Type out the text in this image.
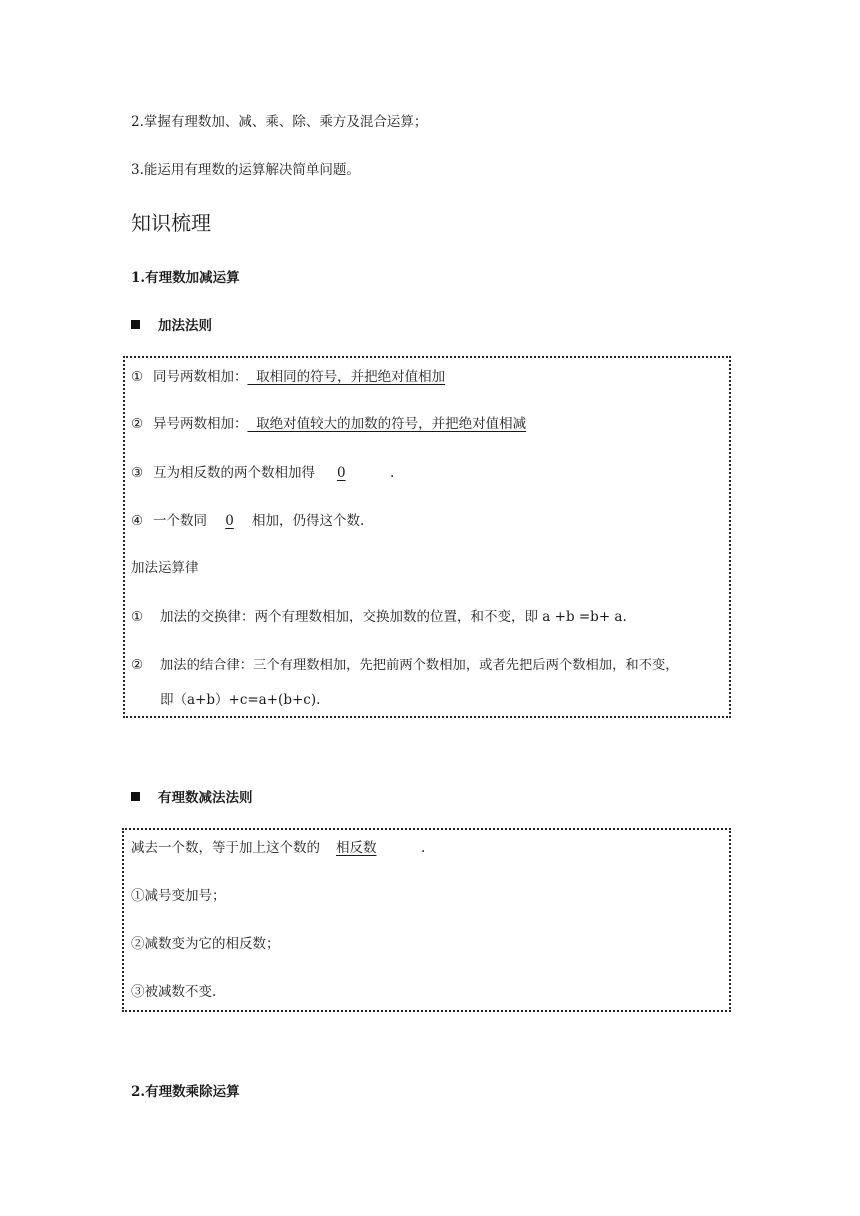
2.掌握有理数加、减、乘、除、乘方及混合运算；
3.能运用有理数的运算解决简单问题。
知识梳理
1.有理数加减运算
加法法则
① 同号两数相加：  取相同的符号，并把绝对值相加
② 异号两数相加：  取绝对值较大的加数的符号，并把绝对值相减
③ 互为相反数的两个数相加得 0	.
④ 一个数同 0 相加，仍得这个数.
加法运算律
① 加法的交换律：两个有理数相加，交换加数的位置，和不变，即 a +b =b+ a.
② 加法的结合律：三个有理数相加，先把前两个数相加，或者先把后两个数相加，和不变，
即（a+b）+c=a+(b+c).
有理数减法法则
减去一个数，等于加上这个数的 相反数	.
①减号变加号；
②减数变为它的相反数；
③被减数不变.
2.有理数乘除运算
